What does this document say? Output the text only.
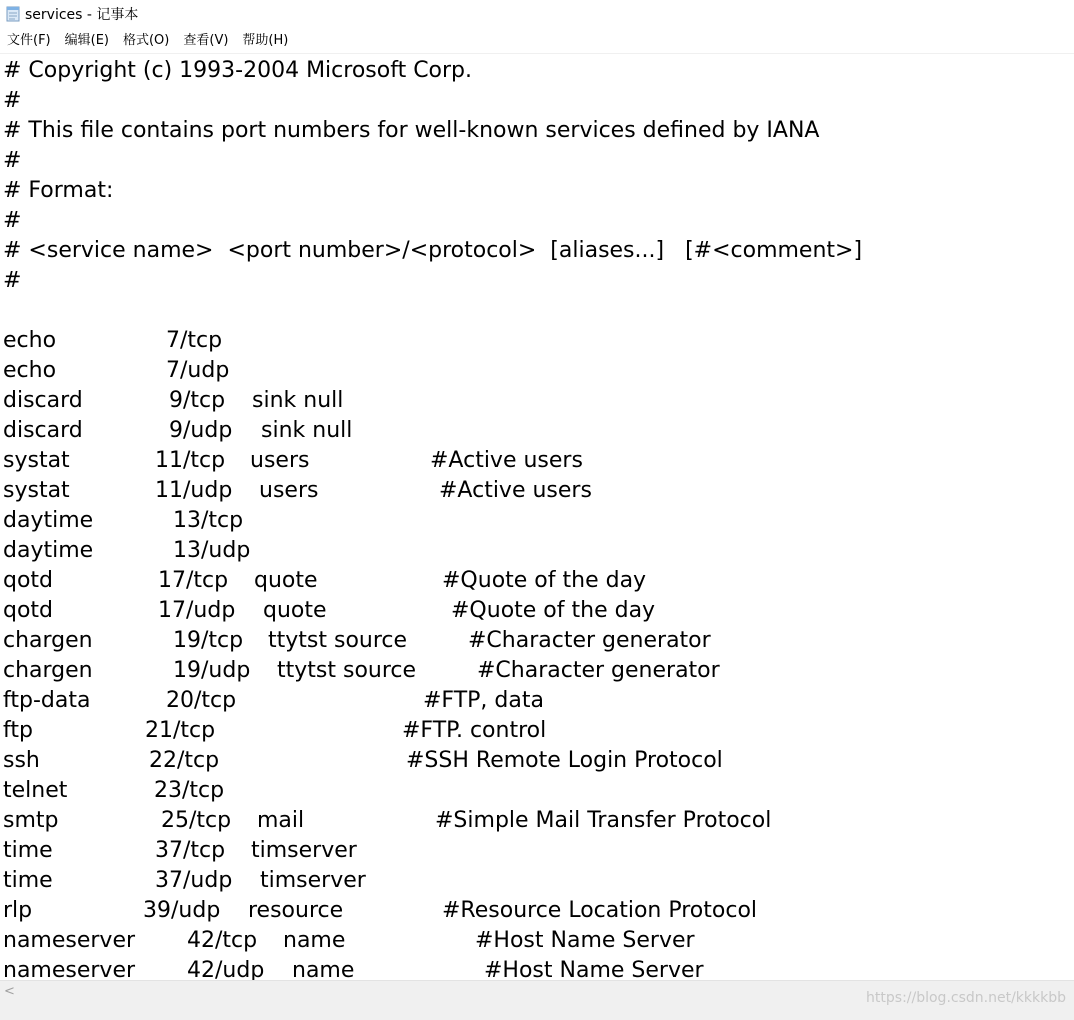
services - 记事本
文件(F)	编辑(E)	格式(O)	查看(V)	帮助(H)
# Copyright (c) 1993-2004 Microsoft Corp.
#
# This file contains port numbers for well-known services defined by IANA
#
# Format:
#
# <service name>  <port number>/<protocol>  [aliases...]   [#<comment>]
#
echo	7/tcp
echo	7/udp
discard	9/tcp sink null
discard	9/udp sink null
systat	11/tcp users	#Active users
systat	11/udp users	#Active users
daytime	13/tcp
daytime	13/udp
qotd	17/tcp quote	#Quote of the day
qotd	17/udp quote	#Quote of the day
chargen	19/tcp ttytst source	#Character generator
chargen	19/udp ttytst source	#Character generator
ftp-data	20/tcp	#FTP, data
ftp	21/tcp	#FTP. control
ssh	22/tcp	#SSH Remote Login Protocol
telnet	23/tcp
smtp	25/tcp mail	#Simple Mail Transfer Protocol
time	37/tcp timserver
time	37/udp timserver
rlp	39/udp resource	#Resource Location Protocol
nameserver 42/tcp name	#Host Name Server
nameserver 42/udp name	#Host Name Server
<	https://blog.csdn.net/kkkkbb
